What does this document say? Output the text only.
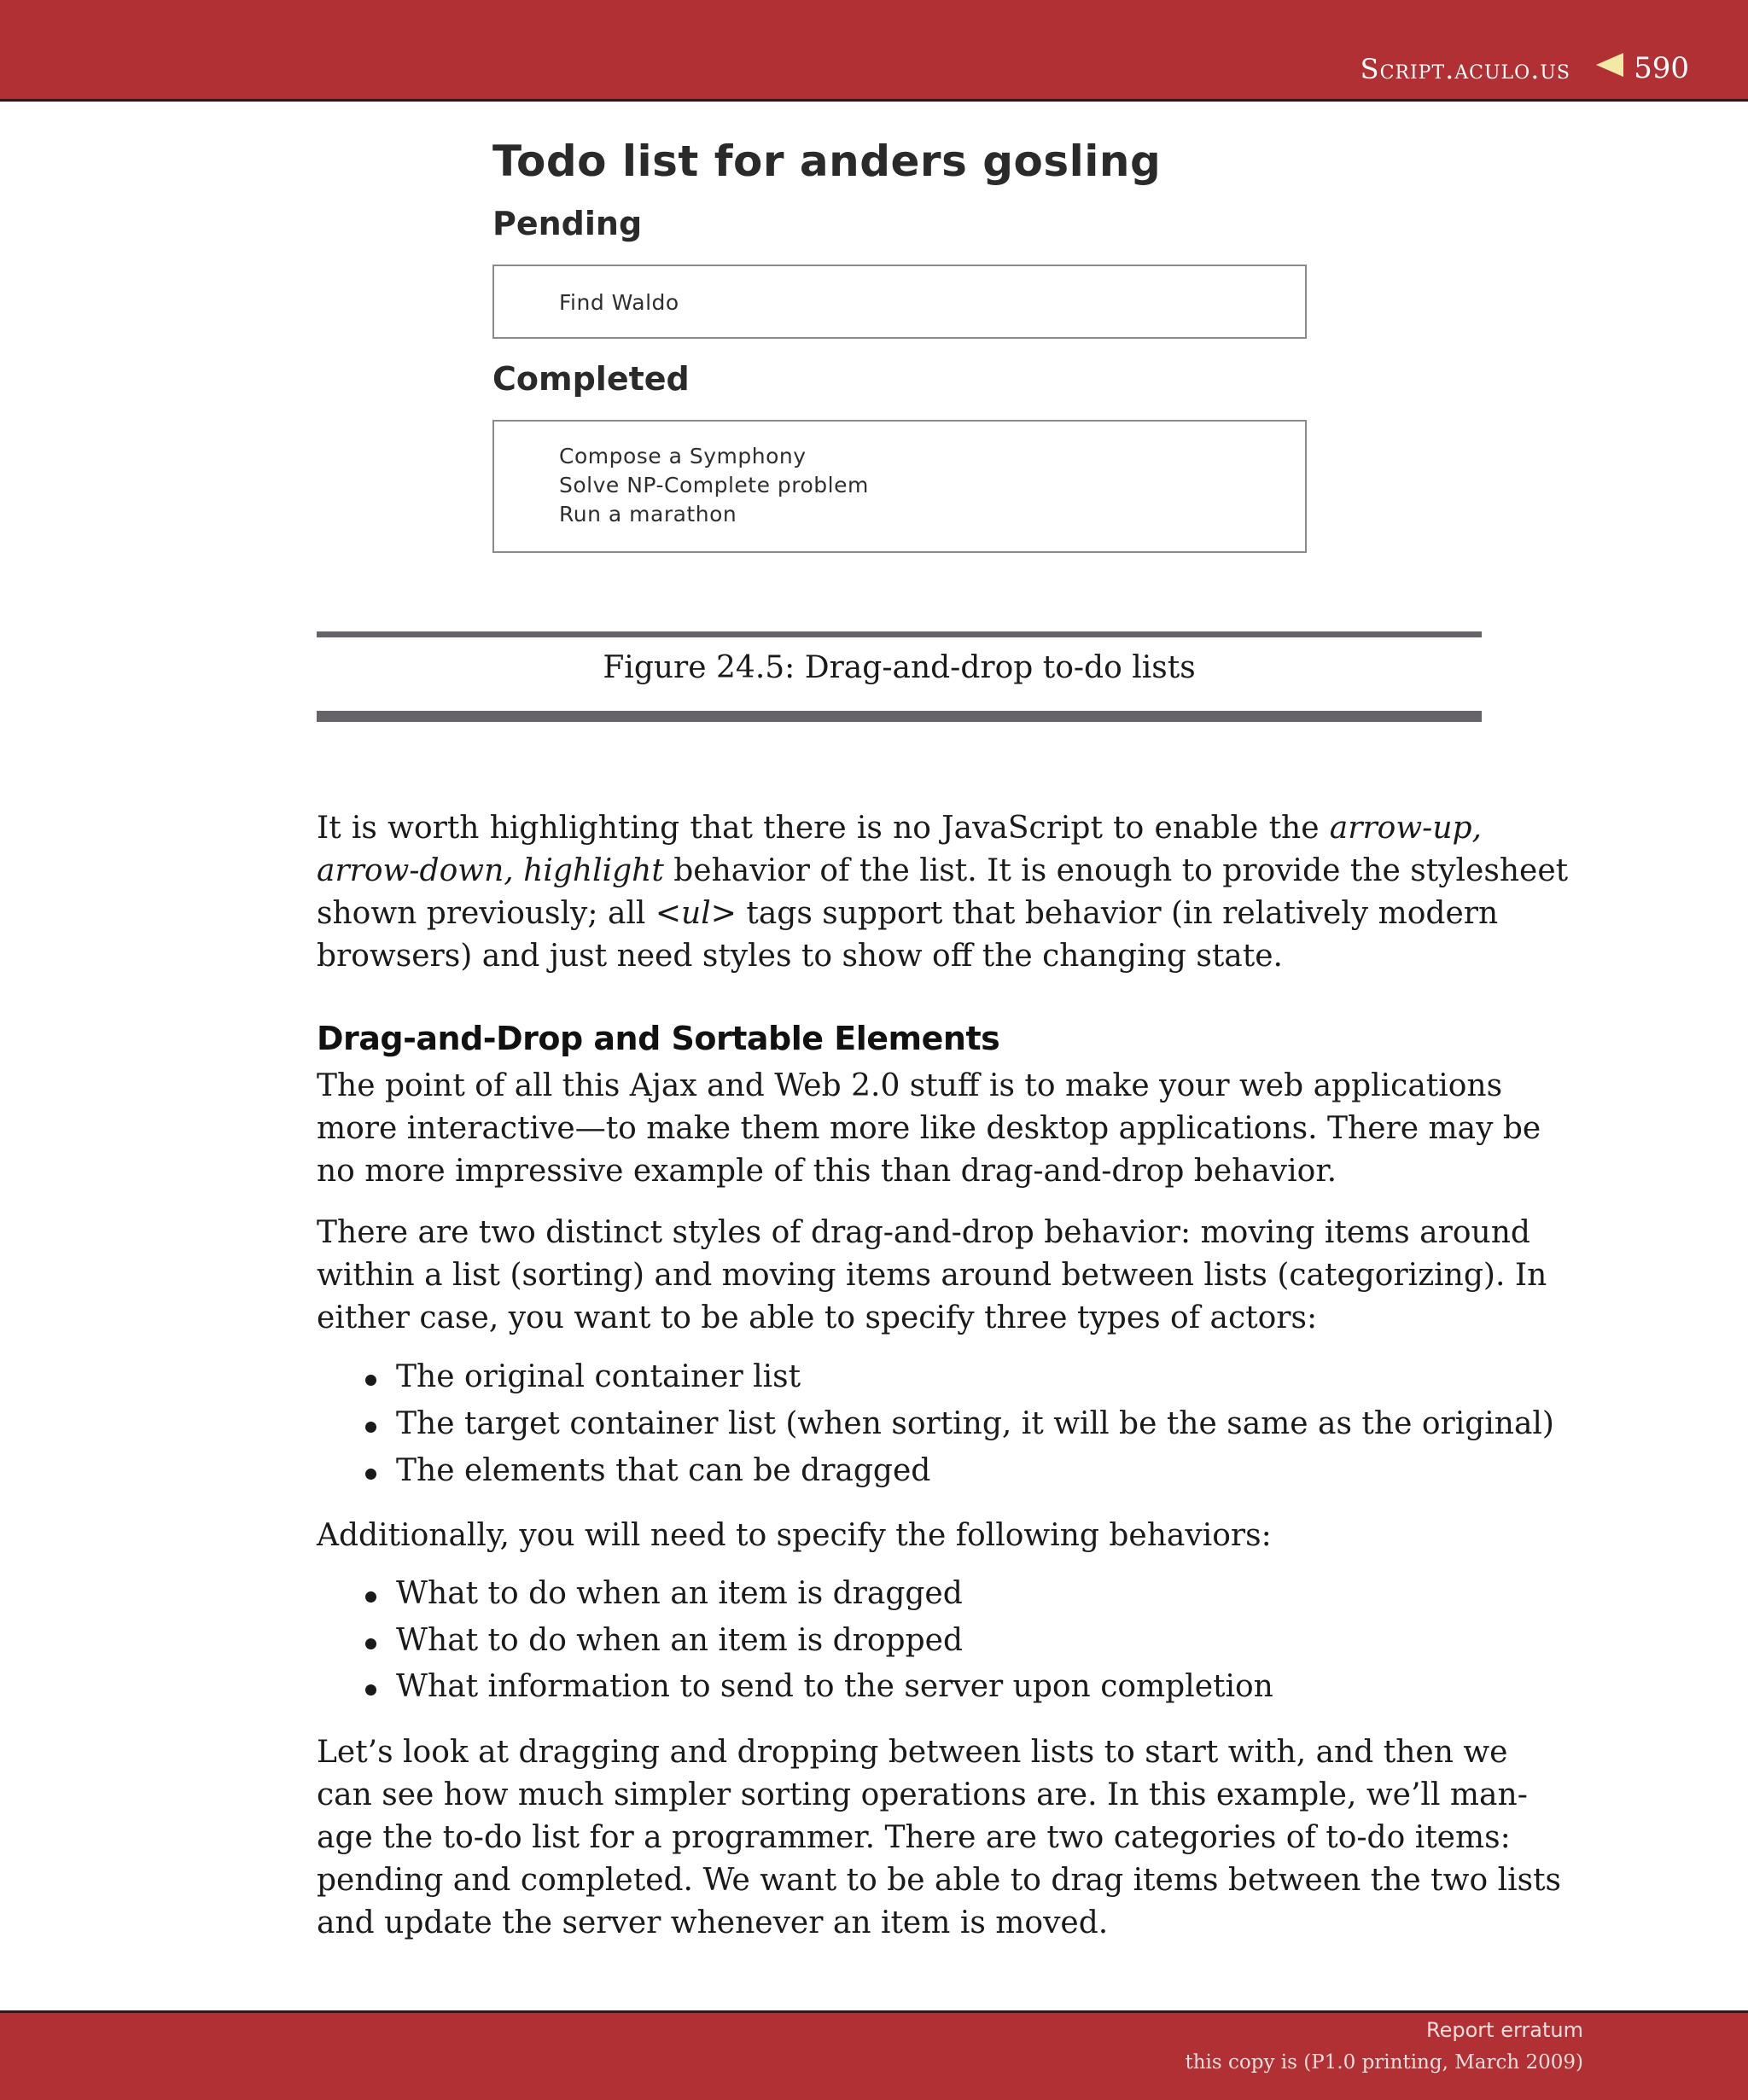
Script.aculo.us 590
Todo list for anders gosling
Pending
Find Waldo
Completed
Compose a Symphony
Solve NP-Complete problem
Run a marathon
Figure 24.5: Drag-and-drop to-do lists
It is worth highlighting that there is no JavaScript to enable the arrow-up,
arrow-down, highlight behavior of the list. It is enough to provide the stylesheet
shown previously; all <ul> tags support that behavior (in relatively modern
browsers) and just need styles to show off the changing state.
Drag-and-Drop and Sortable Elements
The point of all this Ajax and Web 2.0 stuff is to make your web applications
more interactive—to make them more like desktop applications. There may be
no more impressive example of this than drag-and-drop behavior.
There are two distinct styles of drag-and-drop behavior: moving items around
within a list (sorting) and moving items around between lists (categorizing). In
either case, you want to be able to specify three types of actors:
The original container list
The target container list (when sorting, it will be the same as the original)
The elements that can be dragged
Additionally, you will need to specify the following behaviors:
What to do when an item is dragged
What to do when an item is dropped
What information to send to the server upon completion
Let’s look at dragging and dropping between lists to start with, and then we
can see how much simpler sorting operations are. In this example, we’ll man-
age the to-do list for a programmer. There are two categories of to-do items:
pending and completed. We want to be able to drag items between the two lists
and update the server whenever an item is moved.
Report erratum
this copy is (P1.0 printing, March 2009)
